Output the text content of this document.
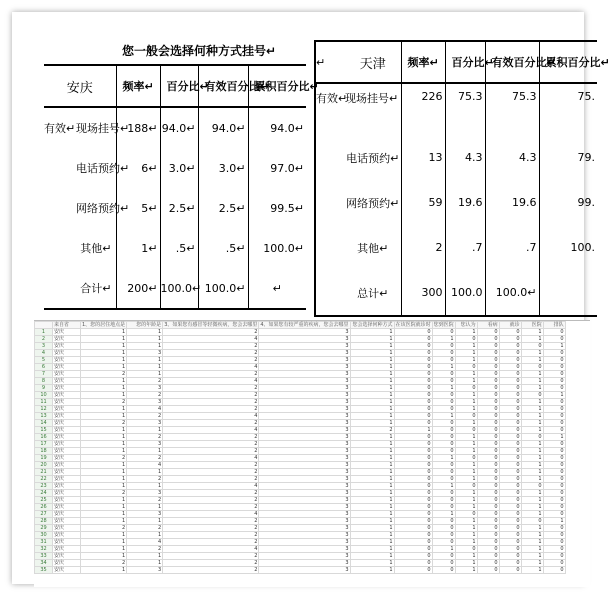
您一般会选择何种方式挂号↵
安庆		频率↵	百分比↵	有效百分比↵	累积百分比↵
有效↵	现场挂号↵	188↵	94.0↵	94.0↵	94.0↵
	电话预约↵	6↵	3.0↵	3.0↵	97.0↵
	网络预约↵	5↵	2.5↵	2.5↵	99.5↵
	其他↵	1↵	.5↵	.5↵	100.0↵
	合计↵	200↵	100.0↵	100.0↵	↵
↵	天津	频率↵	百分比↵	有效百分比↵	累积百分比↵
有效↵	现场挂号↵	226	75.3	75.3	75.
	电话预约↵	13	4.3	4.3	79.
	网络预约↵	59	19.6	19.6	99.
	其他↵	2	.7	.7	100.
	总计↵	300	100.0	100.0↵	
	来自省	1、您的居住地点是	您的年龄是	3、如果您有感冒等轻微疾病，您会去哪里	4、如果您有较严重的疾病，您会去哪里	您会选择何种方式	在该医院就诊时	您到医院	您认为	看病	就诊	医院	排队
1	安庆	1	1	2	3	1	0	0	1	0	0	1	0
2	安庆	1	1	4	3	1	0	1	0	0	0	1	0
3	安庆	1	1	2	3	1	0	0	1	0	0	0	1
4	安庆	1	3	2	3	1	0	0	1	0	0	1	0
5	安庆	1	1	2	3	1	0	0	1	0	0	1	0
6	安庆	1	1	4	3	1	0	1	0	0	0	0	0
7	安庆	2	1	2	3	1	0	0	1	0	0	1	0
8	安庆	1	2	4	3	1	0	0	1	0	0	1	0
9	安庆	1	3	2	3	1	0	1	0	0	0	1	0
10	安庆	1	2	2	3	1	0	0	1	0	0	0	1
11	安庆	2	3	2	3	1	0	0	1	0	0	1	0
12	安庆	1	4	2	3	1	0	0	1	0	0	1	0
13	安庆	1	2	4	3	1	0	1	0	0	0	1	0
14	安庆	2	3	2	3	1	0	0	1	0	0	1	0
15	安庆	1	1	4	3	2	1	0	0	0	0	1	0
16	安庆	1	2	2	3	1	0	0	1	0	0	0	1
17	安庆	1	3	2	3	1	0	0	1	0	0	1	0
18	安庆	1	1	2	3	1	0	0	1	0	0	1	0
19	安庆	2	2	4	3	1	0	1	0	0	0	1	0
20	安庆	1	4	2	3	1	0	0	1	0	0	1	0
21	安庆	1	1	2	3	1	0	0	1	0	0	1	0
22	安庆	1	2	2	3	1	0	0	1	0	0	1	0
23	安庆	1	1	4	3	1	0	1	0	0	0	0	0
24	安庆	2	3	2	3	1	0	0	1	0	0	1	0
25	安庆	1	2	2	3	1	0	0	1	0	0	1	0
26	安庆	1	1	2	3	1	0	0	1	0	0	1	0
27	安庆	1	3	4	3	1	0	1	0	0	0	1	0
28	安庆	1	1	2	3	1	0	0	1	0	0	0	1
29	安庆	2	2	2	3	1	0	0	1	0	0	1	0
30	安庆	1	1	2	3	1	0	0	1	0	0	1	0
31	安庆	1	4	2	3	1	0	0	1	0	0	1	0
32	安庆	1	2	4	3	1	0	1	0	0	0	1	0
33	安庆	1	1	2	3	1	0	0	1	0	0	1	0
34	安庆	2	1	2	3	1	0	0	1	0	0	1	0
35	安庆	1	3	2	3	1	0	0	1	0	0	1	0
